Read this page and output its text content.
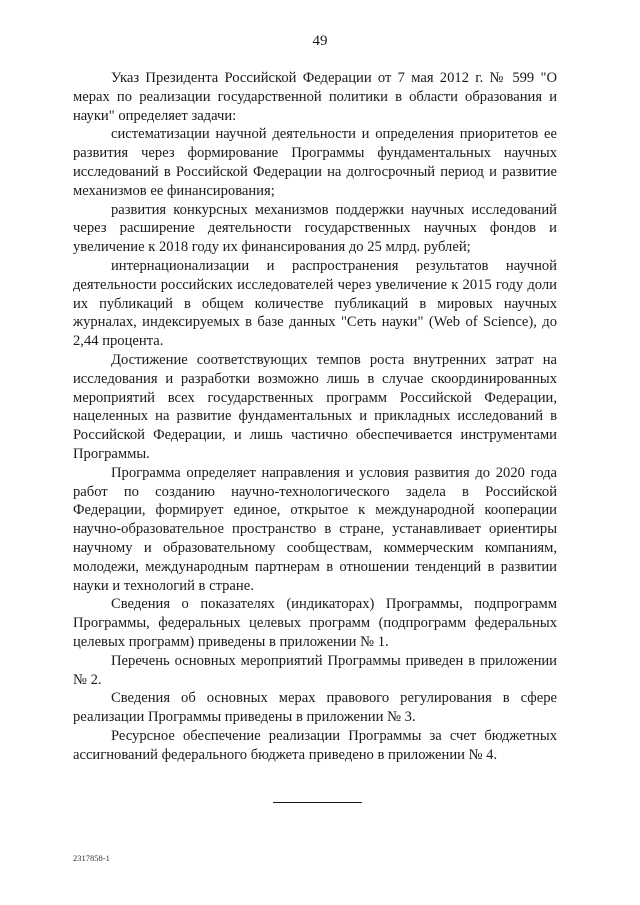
49

Указ Президента Российской Федерации от 7 мая 2012 г. № 599 "О мерах по реализации государственной политики в области образования и науки" определяет задачи:

систематизации научной деятельности и определения приоритетов ее развития через формирование Программы фундаментальных научных исследований в Российской Федерации на долгосрочный период и развитие механизмов ее финансирования;

развития конкурсных механизмов поддержки научных исследований через расширение деятельности государственных научных фондов и увеличение к 2018 году их финансирования до 25 млрд. рублей;

интернационализации и распространения результатов научной деятельности российских исследователей через увеличение к 2015 году доли их публикаций в общем количестве публикаций в мировых научных журналах, индексируемых в базе данных "Сеть науки" (Web of Science), до 2,44 процента.

Достижение соответствующих темпов роста внутренних затрат на исследования и разработки возможно лишь в случае скоординированных мероприятий всех государственных программ Российской Федерации, нацеленных на развитие фундаментальных и прикладных исследований в Российской Федерации, и лишь частично обеспечивается инструментами Программы.

Программа определяет направления и условия развития до 2020 года работ по созданию научно-технологического задела в Российской Федерации, формирует единое, открытое к международной кооперации научно-образовательное пространство в стране, устанавливает ориентиры научному и образовательному сообществам, коммерческим компаниям, молодежи, международным партнерам в отношении тенденций в развитии науки и технологий в стране.

Сведения о показателях (индикаторах) Программы, подпрограмм Программы, федеральных целевых программ (подпрограмм федеральных целевых программ) приведены в приложении № 1.

Перечень основных мероприятий Программы приведен в приложении № 2.

Сведения об основных мерах правового регулирования в сфере реализации Программы приведены в приложении № 3.

Ресурсное обеспечение реализации Программы за счет бюджетных ассигнований федерального бюджета приведено в приложении № 4.

2317858-1
